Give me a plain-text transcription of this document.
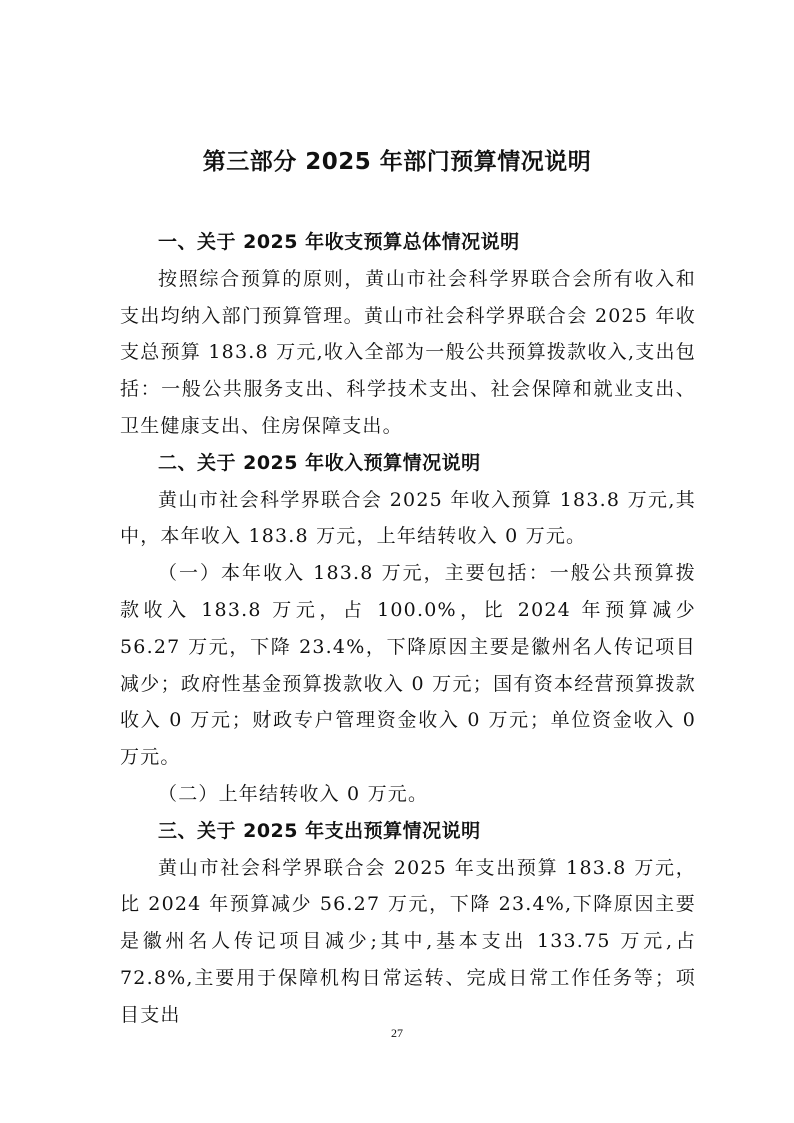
第三部分 2025 年部门预算情况说明
一、关于 2025 年收支预算总体情况说明

按照综合预算的原则，黄山市社会科学界联合会所有收入和支出均纳入部门预算管理。黄山市社会科学界联合会 2025 年收支总预算 183.8 万元,收入全部为一般公共预算拨款收入,支出包括：一般公共服务支出、科学技术支出、社会保障和就业支出、卫生健康支出、住房保障支出。

二、关于 2025 年收入预算情况说明

黄山市社会科学界联合会 2025 年收入预算 183.8 万元,其中，本年收入 183.8 万元，上年结转收入 0 万元。

（一）本年收入 183.8 万元，主要包括：一般公共预算拨款收入 183.8 万元，占 100.0%，比 2024 年预算减少 56.27 万元，下降 23.4%，下降原因主要是徽州名人传记项目减少；政府性基金预算拨款收入 0 万元；国有资本经营预算拨款收入 0 万元；财政专户管理资金收入 0 万元；单位资金收入 0 万元。

（二）上年结转收入 0 万元。

三、关于 2025 年支出预算情况说明

黄山市社会科学界联合会 2025 年支出预算 183.8 万元，比 2024 年预算减少 56.27 万元，下降 23.4%,下降原因主要是徽州名人传记项目减少;其中,基本支出 133.75 万元,占 72.8%,主要用于保障机构日常运转、完成日常工作任务等；项目支出

27
